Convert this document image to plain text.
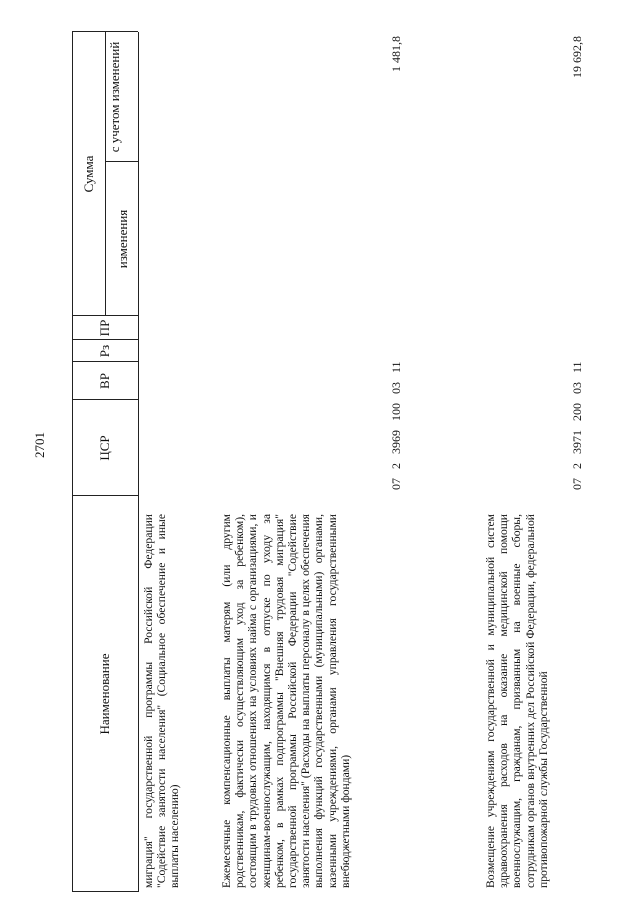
2701
Наименование
ЦСР
ВР
Рз
ПР
Сумма
изменения
с учетом изменений

миграция" государственной программы Российской Федерации "Содействие занятости населения" (Социальное обеспечение и иные выплаты населению)	Ежемесячные компенсационные выплаты матерям (или другим родственникам, фактически осуществляющим уход за ребенком), состоящим в трудовых отношениях на условиях найма с организациями, и женщинам-военнослужащим, находящимся в отпуске по уходу за ребенком, в рамках подпрограммы "Внешняя трудовая миграция" государственной программы Российской Федерации "Содействие занятости населения" (Расходы на выплаты персоналу в целях обеспечения выполнения функций государственными (муниципальными) органами, казенными учреждениями, органами управления государственными внебюджетными фондами)

07 2 3969 100 03 11
1 481,8

Возмещение учреждениям государственной и муниципальной систем здравоохранения расходов на оказание медицинской помощи военнослужащим, гражданам, призванным на военные сборы, сотрудникам органов внутренних дел Российской Федерации, федеральной противопожарной службы Государственной

07 2 3971 200 03 11
19 692,8
